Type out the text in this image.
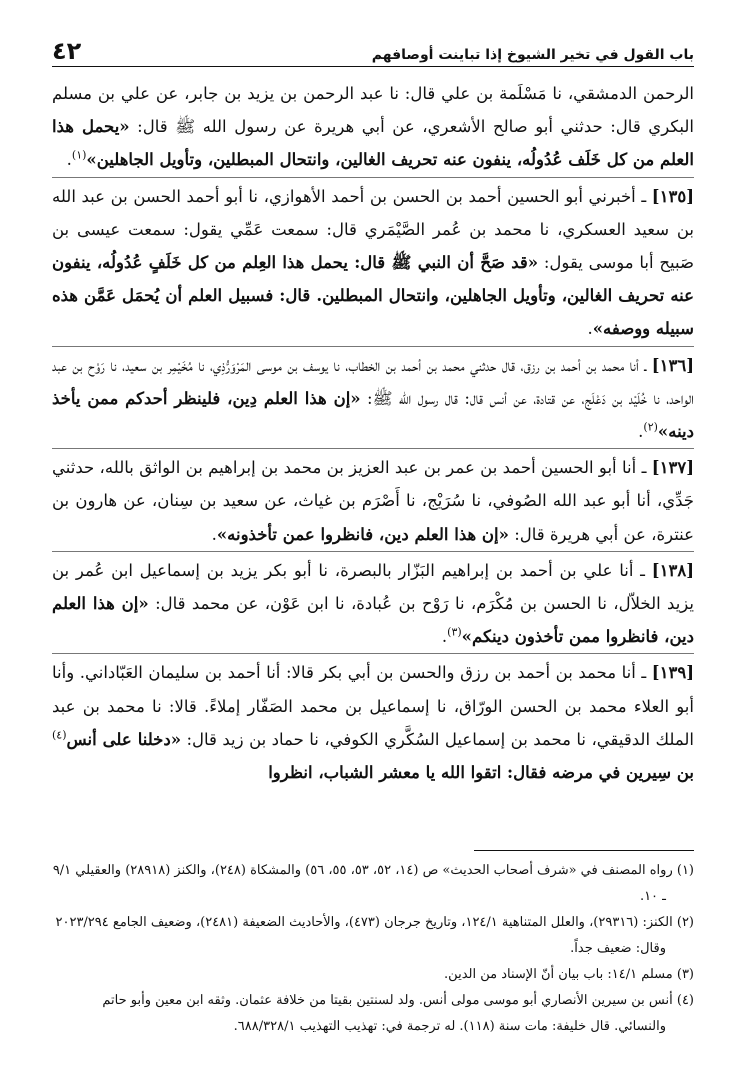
باب القول في تخير الشيوخ إذا تباينت أوصافهم
٤٢

الرحمن الدمشقي، نا مَسْلَمة بن علي قال: نا عبد الرحمن بن يزيد بن جابر، عن علي بن مسلم البكري قال: حدثني أبو صالح الأشعري، عن أبي هريرة عن رسول الله ﷺ قال: «يحمل هذا العلم من كل خَلَف عُدُولُه، ينفون عنه تحريف الغالين، وانتحال المبطلين، وتأويل الجاهلين»$^{(١)}$.

[١٣٥] ـ أخبرني أبو الحسين أحمد بن الحسن بن أحمد الأهوازي، نا أبو أحمد الحسن بن عبد الله بن سعيد العسكري، نا محمد بن عُمر الصَّيْمَري قال: سمعت عَمِّي يقول: سمعت عيسى بن صَبيح أبا موسى يقول: «قد صَحَّ أن النبي ﷺ قال: يحمل هذا العِلم من كل خَلَفٍ عُدُولُه، ينفون عنه تحريف الغالين، وتأويل الجاهلين، وانتحال المبطلين. قال: فسبيل العلم أن يُحمَل عَمَّن هذه سبيله ووصفه».

[١٣٦] ـ أنا محمد بن أحمد بن رزق، قال حدثني محمد بن أحمد بن الخطاب، نا يوسف بن موسى المَرْوَرُّذِي، نا مُخَيْمِر بن سعيد، نا رَوْح بن عبد الواحد، نا خُلَيْد بن دَعْلَج، عن قتادة، عن أنس قال: قال رسول الله ﷺ: «إن هذا العلم دِين، فلينظر أحدكم ممن يأخذ دينه»$^{(٢)}$.

[١٣٧] ـ أنا أبو الحسين أحمد بن عمر بن عبد العزيز بن محمد بن إبراهيم بن الواثق بالله، حدثني جَدِّي، أنا أبو عبد الله الصُوفي، نا سُرَيْج، نا أَصْرَم بن غياث، عن سعيد بن سِنان، عن هارون بن عنترة، عن أبي هريرة قال: «إن هذا العلم دين، فانظروا عمن تأخذونه».

[١٣٨] ـ أنا علي بن أحمد بن إبراهيم البَزّار بالبصرة، نا أبو بكر يزيد بن إسماعيل ابن عُمر بن يزيد الخلاّل، نا الحسن بن مُكْرَم، نا رَوْح بن عُبادة، نا ابن عَوْن، عن محمد قال: «إن هذا العلم دين، فانظروا ممن تأخذون دينكم»$^{(٣)}$.

[١٣٩] ـ أنا محمد بن أحمد بن رزق والحسن بن أبي بكر قالا: أنا أحمد بن سليمان العَبّاداني. وأنا أبو العلاء محمد بن الحسن الورّاق، نا إسماعيل بن محمد الصَفّار إملاءً. قالا: نا محمد بن عبد الملك الدقيقي، نا محمد بن إسماعيل السُكَّري الكوفي، نا حماد بن زيد قال: «دخلنا على أنس$^{(٤)}$ بن سِيرين في مرضه فقال: اتقوا الله يا معشر الشباب، انظروا

(١) رواه المصنف في «شرف أصحاب الحديث» ص (١٤، ٥٢، ٥٣، ٥٥، ٥٦) والمشكاة (٢٤٨)، والكنز (٢٨٩١٨) والعقيلي ٩/١ ـ ١٠.

(٢) الكنز: (٢٩٣١٦)، والعلل المتناهية ١٢٤/١، وتاريخ جرجان (٤٧٣)، والأحاديث الضعيفة (٢٤٨١)، وضعيف الجامع ٢٠٢٣/٢٩٤ وقال: ضعيف جداً.

(٣) مسلم ١٤/١: باب بيان أنّ الإسناد من الدين.

(٤) أنس بن سيرين الأنصاري أبو موسى مولى أنس. ولد لسنتين بقيتا من خلافة عثمان. وثقه ابن معين وأبو حاتم والنسائي. قال خليفة: مات سنة (١١٨). له ترجمة في: تهذيب التهذيب ٦٨٨/٣٢٨/١.
